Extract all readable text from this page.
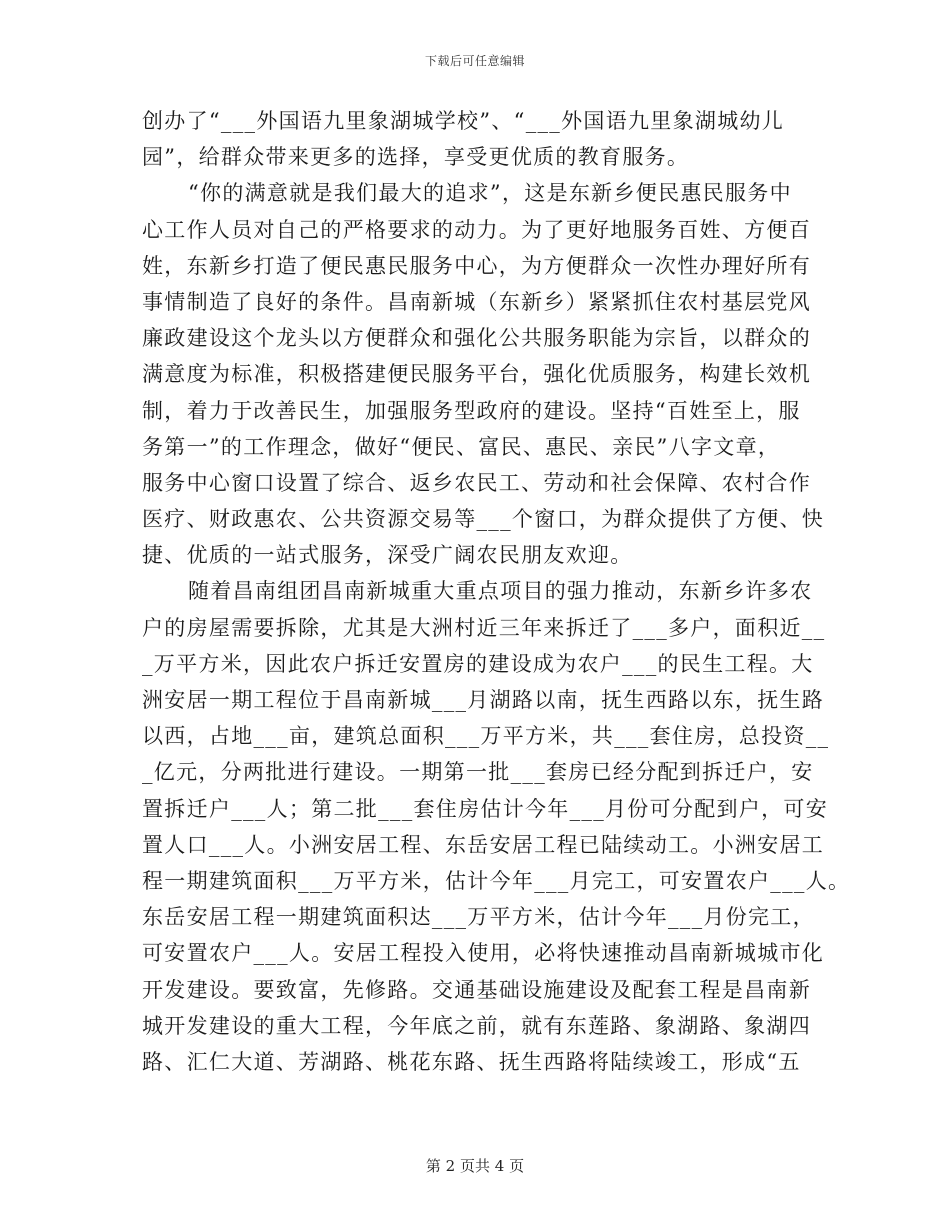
下载后可任意编辑
创办了“___外国语九里象湖城学校”、“___外国语九里象湖城幼儿
园”，给群众带来更多的选择，享受更优质的教育服务。
“你的满意就是我们最大的追求”，这是东新乡便民惠民服务中
心工作人员对自己的严格要求的动力。为了更好地服务百姓、方便百
姓，东新乡打造了便民惠民服务中心，为方便群众一次性办理好所有
事情制造了良好的条件。昌南新城（东新乡）紧紧抓住农村基层党风
廉政建设这个龙头以方便群众和强化公共服务职能为宗旨，以群众的
满意度为标准，积极搭建便民服务平台，强化优质服务，构建长效机
制，着力于改善民生，加强服务型政府的建设。坚持“百姓至上，服
务第一”的工作理念，做好“便民、富民、惠民、亲民”八字文章，
服务中心窗口设置了综合、返乡农民工、劳动和社会保障、农村合作
医疗、财政惠农、公共资源交易等___个窗口，为群众提供了方便、快
捷、优质的一站式服务，深受广阔农民朋友欢迎。
随着昌南组团昌南新城重大重点项目的强力推动，东新乡许多农
户的房屋需要拆除，尤其是大洲村近三年来拆迁了___多户，面积近__
_万平方米，因此农户拆迁安置房的建设成为农户___的民生工程。大
洲安居一期工程位于昌南新城___月湖路以南，抚生西路以东，抚生路
以西，占地___亩，建筑总面积___万平方米，共___套住房，总投资__
_亿元，分两批进行建设。一期第一批___套房已经分配到拆迁户，安
置拆迁户___人；第二批___套住房估计今年___月份可分配到户，可安
置人口___人。小洲安居工程、东岳安居工程已陆续动工。小洲安居工
程一期建筑面积___万平方米，估计今年___月完工，可安置农户___人。
东岳安居工程一期建筑面积达___万平方米，估计今年___月份完工，
可安置农户___人。安居工程投入使用，必将快速推动昌南新城城市化
开发建设。要致富，先修路。交通基础设施建设及配套工程是昌南新
城开发建设的重大工程，今年底之前，就有东莲路、象湖路、象湖四
路、汇仁大道、芳湖路、桃花东路、抚生西路将陆续竣工，形成“五
第 2 页共 4 页
